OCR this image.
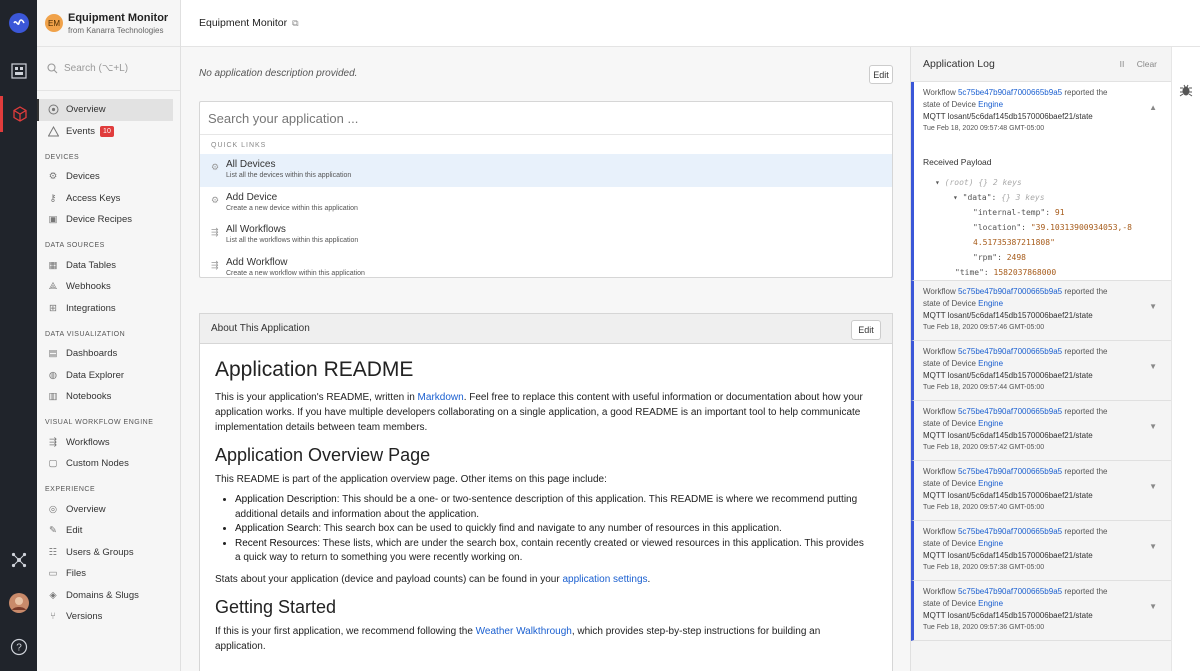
?
EM Equipment Monitor
from Kanarra Technologies
Search (⌥+L)
Overview
Events	10
DEVICES
⚙ Devices
⚷ Access Keys
▣ Device Recipes
DATA SOURCES
▦ Data Tables
⟁ Webhooks
⊞ Integrations
DATA VISUALIZATION
▤ Dashboards
◍ Data Explorer
▥ Notebooks
VISUAL WORKFLOW ENGINE
⇶ Workflows
▢ Custom Nodes
EXPERIENCE
◎ Overview
✎ Edit
☷ Users & Groups
▭ Files
◈ Domains & Slugs
⑂	Versions
Equipment Monitor ⧉
No application description provided.	Edit
Search your application ...
QUICK LINKS
⚙ All Devices
List all the devices within this application
⚙ Add Device
Create a new device within this application
⇶ All Workflows
List all the workflows within this application
⇶ Add Workflow
Create a new workflow within this application
About This Application	Edit
Application README

This is your application's README, written in Markdown. Feel free to replace this content with useful information or documentation about how your application works. If you have multiple developers collaborating on a single application, a good README is an important tool to help communicate implementation details between team members.

Application Overview Page

This README is part of the application overview page. Other items on this page include:

• Application Description: This should be a one- or two-sentence description of this application. This README is where we recommend putting additional details and information about the application.
• Application Search: This search box can be used to quickly find and navigate to any number of resources in this application.
• Recent Resources: These lists, which are under the search box, contain recently created or viewed resources in this application. This provides a quick way to return to something you were recently working on.

Stats about your application (device and payload counts) can be found in your application settings.

Getting Started

If this is your first application, we recommend following the Weather Walkthrough, which provides step-by-step instructions for building an application.

Application Log	II Clear
Workflow 5c75be47b90af7000665b9a5 reported the
state of Device Engine
MQTT losant/5c6daf145db1570006baef21/state
Tue Feb 18, 2020 09:57:48 GMT-05:00
▲
Received Payload
▾ (root) {} 2 keys
▾ "data": {} 3 keys
"internal-temp": 91
"location": "39.10313900934053,-8
4.51735387211808"
"rpm": 2498
"time": 1582037868000
Workflow 5c75be47b90af7000665b9a5 reported the
state of Device Engine
MQTT losant/5c6daf145db1570006baef21/state
Tue Feb 18, 2020 09:57:46 GMT-05:00
▼
Workflow 5c75be47b90af7000665b9a5 reported the
state of Device Engine
MQTT losant/5c6daf145db1570006baef21/state
Tue Feb 18, 2020 09:57:44 GMT-05:00
▼
Workflow 5c75be47b90af7000665b9a5 reported the
state of Device Engine
MQTT losant/5c6daf145db1570006baef21/state
Tue Feb 18, 2020 09:57:42 GMT-05:00
▼
Workflow 5c75be47b90af7000665b9a5 reported the
state of Device Engine
MQTT losant/5c6daf145db1570006baef21/state
Tue Feb 18, 2020 09:57:40 GMT-05:00
▼
Workflow 5c75be47b90af7000665b9a5 reported the
state of Device Engine
MQTT losant/5c6daf145db1570006baef21/state
Tue Feb 18, 2020 09:57:38 GMT-05:00
▼
Workflow 5c75be47b90af7000665b9a5 reported the
state of Device Engine
MQTT losant/5c6daf145db1570006baef21/state
Tue Feb 18, 2020 09:57:36 GMT-05:00
▼
